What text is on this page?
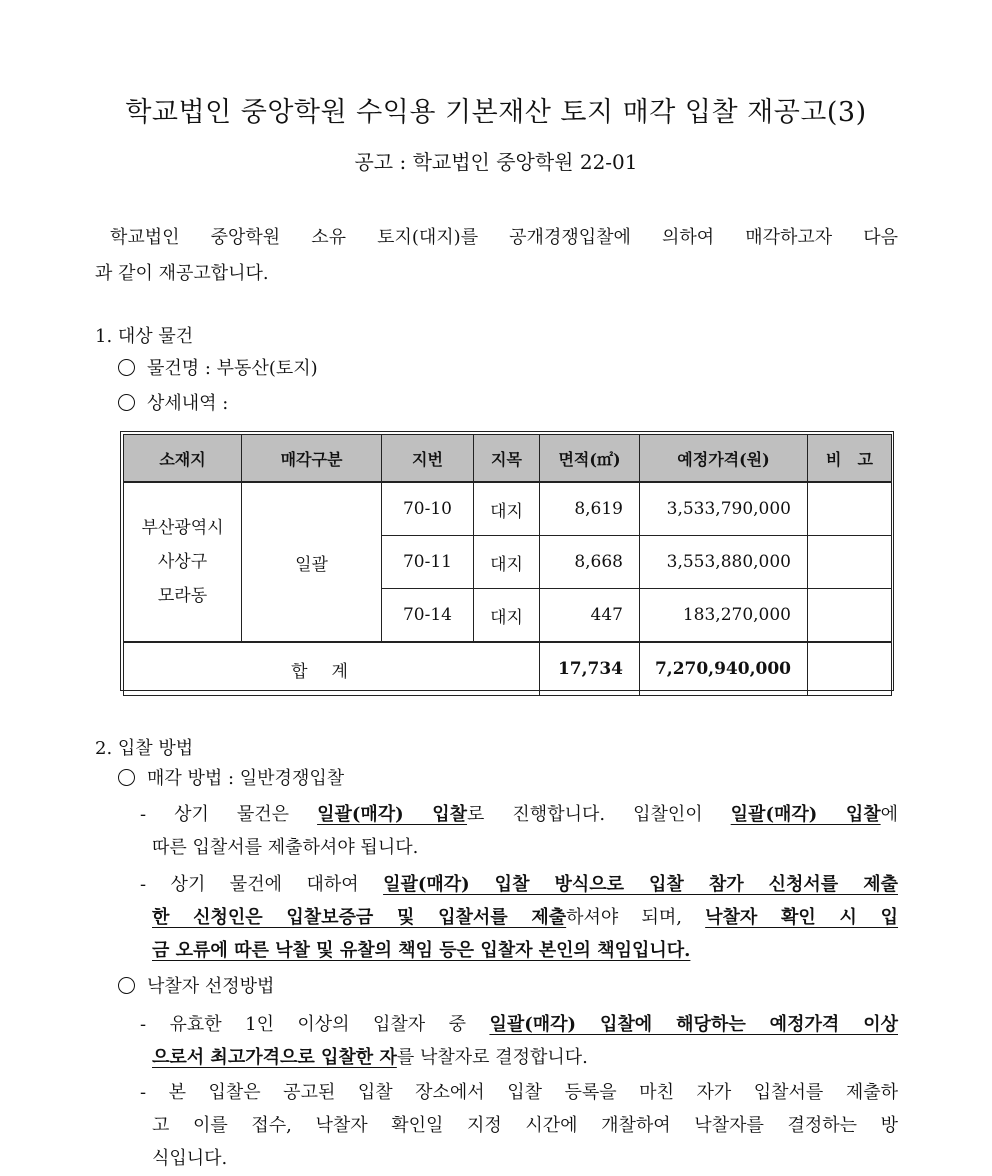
학교법인 중앙학원 수익용 기본재산 토지 매각 입찰 재공고(3)
공고 : 학교법인 중앙학원 22-01
학교법인 중앙학원 소유 토지(대지)를 공개경쟁입찰에 의하여 매각하고자 다음
과 같이 재공고합니다.
1. 대상 물건
물건명 : 부동산(토지)
상세내역 :
소재지	매각구분	지번	지목	면적(㎡)	예정가격(원)	비　고

부산광역시
사상구
모라동	일괄	70-10	대지	8,619	3,533,790,000	
		70-11	대지	8,668	3,553,880,000	
		70-14	대지	447	183,270,000	
합계				17,734	7,270,940,000	
2. 입찰 방법
매각 방법 : 일반경쟁입찰
- 상기 물건은 일괄(매각) 입찰로 진행합니다. 입찰인이 일괄(매각) 입찰에
따른 입찰서를 제출하셔야 됩니다.
- 상기 물건에 대하여 일괄(매각) 입찰 방식으로 입찰 참가 신청서를 제출
한 신청인은 입찰보증금 및 입찰서를 제출하셔야 되며, 낙찰자 확인 시 입
금 오류에 따른 낙찰 및 유찰의 책임 등은 입찰자 본인의 책임입니다.
낙찰자 선정방법
- 유효한 1인 이상의 입찰자 중 일괄(매각) 입찰에 해당하는 예정가격 이상
으로서 최고가격으로 입찰한 자를 낙찰자로 결정합니다.
- 본 입찰은 공고된 입찰 장소에서 입찰 등록을 마친 자가 입찰서를 제출하
고 이를 접수, 낙찰자 확인일 지정 시간에 개찰하여 낙찰자를 결정하는 방
식입니다.
